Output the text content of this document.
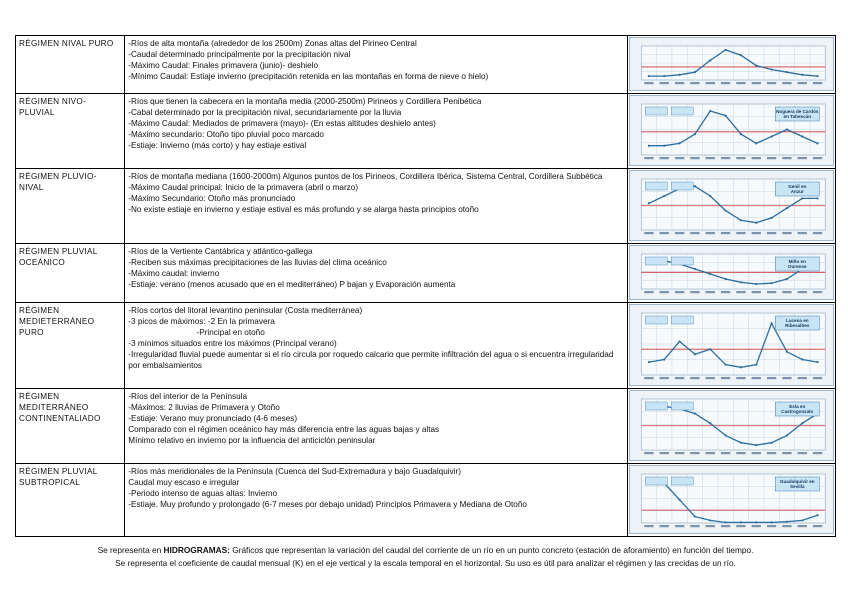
RÉGIMEN NIVAL PURO	-Ríos de alta montaña (alrededor de los 2500m) Zonas altas del Pirineo Central
-Caudal determinado principalmente por la precipitación nival
-Máximo Caudal: Finales primavera (junio)- deshielo
-Mínimo Caudal: Estiaje invierno (precipitación retenida en las montañas en forma de nieve o hielo)

RÉGIMEN NIVO-PLUVIAL	-Ríos que tienen la cabecera en la montaña media (2000-2500m) Pirineos y Cordillera Penibética
-Cabal determinado por la precipitación nival, secundariamente por la lluvia
-Máximo Caudal: Mediados de primavera (mayo)- (En estas altitudes deshielo antes)
-Máximo secundario: Otoño tipo pluvial poco marcado
-Estiaje: Invierno (más corto) y hay estiaje estival	Noguera de Cardós en Tabescán

RÉGIMEN PLUVIO-NIVAL	-Ríos de montaña mediana (1600-2000m) Algunos puntos de los Pirineos, Cordillera Ibérica, Sistema Central, Cordillera Subbética
-Máximo Caudal principal: Inicio de la primavera (abril o marzo)
-Máximo Secundario: Otoño más pronunciado
-No existe estiaje en invierno y estiaje estival es más profundo y se alarga hasta principios otoño	Genil en Anzur

RÉGIMEN PLUVIAL OCEÁNICO	-Ríos de la Vertiente Cantábrica y atlántico-gallega
-Reciben sus máximas precipitaciones de las lluvias del clima oceánico
-Máximo caudal: invierno
-Estiaje: verano (menos acusado que en el mediterráneo) P bajan y Evaporación aumenta	Miño en Ourense

RÉGIMEN MEDIETERRÁNEO PURO	-Ríos cortos del litoral levantino peninsular (Costa mediterránea)
-3 picos de máximos: -2 En la primavera
-Principal en otoño
-3 mínimos situados entre los máximos (Principal verano)
-Irregularidad fluvial puede aumentar si el río circula por roquedo calcario que permite infiltración del agua o si encuentra irregularidad por embalsamientos	Lucena en Ribesalbes

RÉGIMEN MEDITERRÁNEO CONTINENTALIADO	-Ríos del interior de la Península
-Máximos: 2 lluvias de Primavera y Otoño
-Estiaje: Verano muy pronunciado (4-6 meses)
Comparado con el régimen oceánico hay más diferencia entre las aguas bajas y altas
Mínimo relativo en invierno por la influencia del anticiclón peninsular	Esla en Castrogonzalo

RÉGIMEN PLUVIAL SUBTROPICAL	-Ríos más meridionales de la Península (Cuenca del Sud-Extremadura y bajo Guadalquivir)
Caudal muy escaso e irregular
-Periodo intenso de aguas altas: Invierno
-Estiaje. Muy profundo y prolongado (6-7 meses por debajo unidad) Principios Primavera y Mediana de Otoño	Guadalquivir en Sevilla
Se representa en HIDROGRAMAS: Gráficos que representan la variación del caudal del corriente de un río en un punto concreto (estación de aforamiento) en función del tiempo.
Se representa el coeficiente de caudal mensual (K) en el eje vertical y la escala temporal en el horizontal. Su uso es útil para analizar el régimen y las crecidas de un río.
